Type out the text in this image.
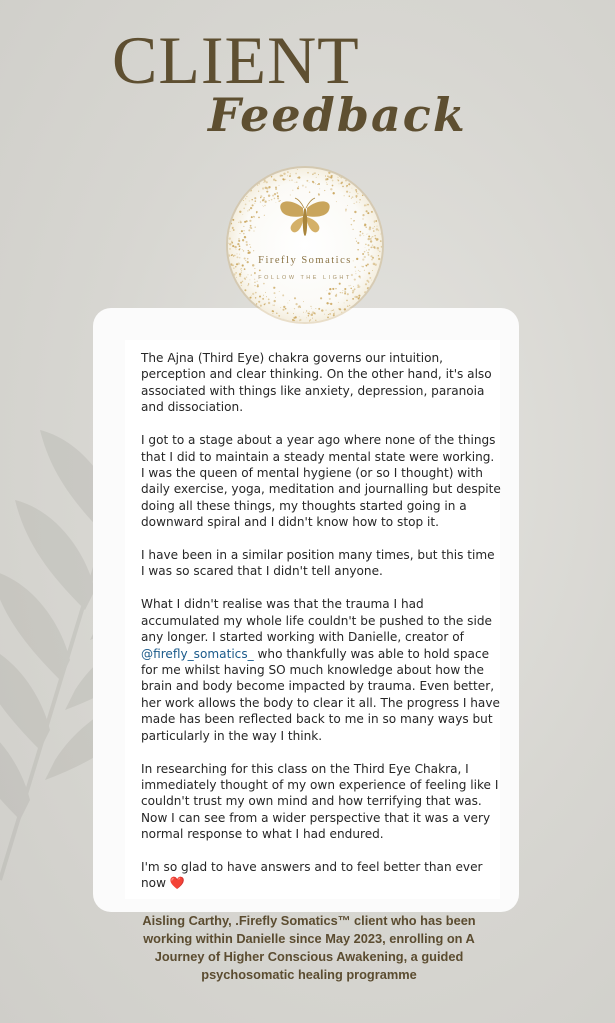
CLIENT
Feedback
Firefly Somatics
FOLLOW THE LIGHT

The Ajna (Third Eye) chakra governs our intuition, perception and clear thinking. On the other hand, it's also associated with things like anxiety, depression, paranoia and dissociation.

I got to a stage about a year ago where none of the things that I did to maintain a steady mental state were working. I was the queen of mental hygiene (or so I thought) with daily exercise, yoga, meditation and journalling but despite doing all these things, my thoughts started going in a downward spiral and I didn't know how to stop it.

I have been in a similar position many times, but this time I was so scared that I didn't tell anyone.

What I didn't realise was that the trauma I had accumulated my whole life couldn't be pushed to the side any longer. I started working with Danielle, creator of @firefly_somatics_ who thankfully was able to hold space for me whilst having SO much knowledge about how the brain and body become impacted by trauma. Even better, her work allows the body to clear it all. The progress I have made has been reflected back to me in so many ways but particularly in the way I think.

In researching for this class on the Third Eye Chakra, I immediately thought of my own experience of feeling like I couldn't trust my own mind and how terrifying that was. Now I can see from a wider perspective that it was a very normal response to what I had endured.

I'm so glad to have answers and to feel better than ever now ❤️

Aisling Carthy, .Firefly Somatics™ client who has been working within Danielle since May 2023, enrolling on A Journey of Higher Conscious Awakening, a guided psychosomatic healing programme
